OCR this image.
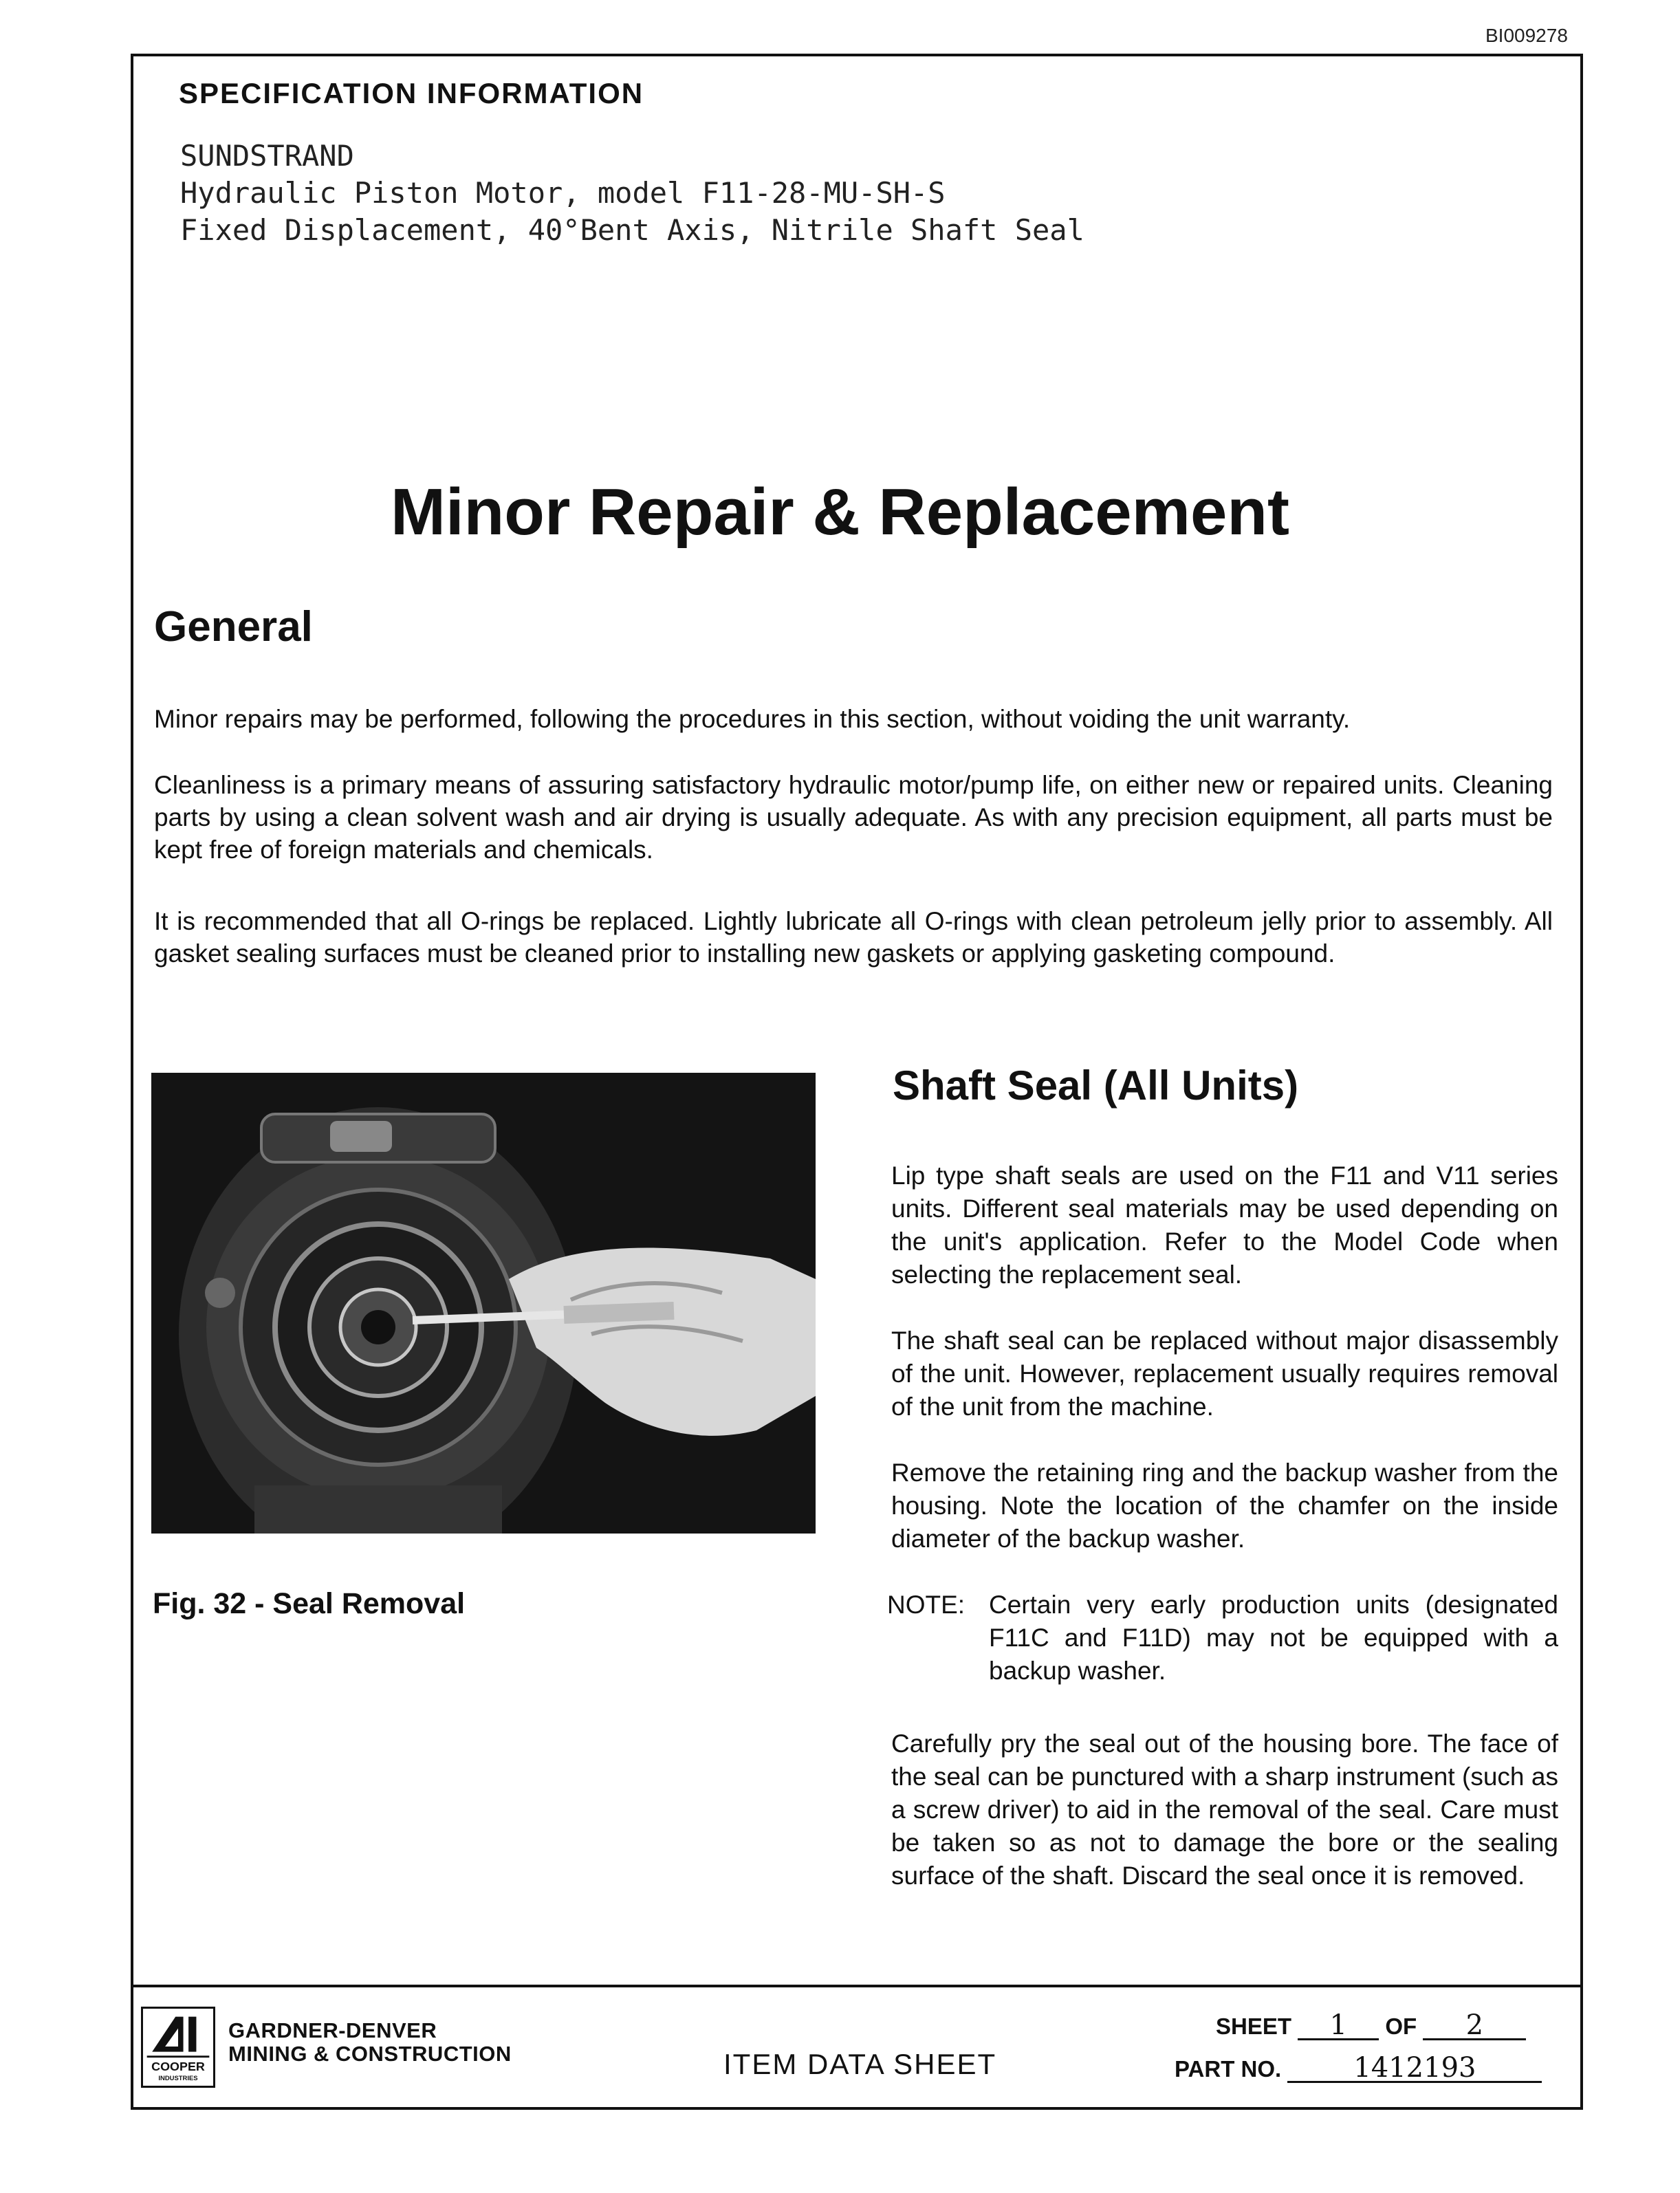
BI009278
SPECIFICATION INFORMATION
SUNDSTRAND
Hydraulic Piston Motor, model F11-28-MU-SH-S
Fixed Displacement, 40°Bent Axis, Nitrile Shaft Seal
Minor Repair & Replacement
General
Minor repairs may be performed, following the procedures in this section, without voiding the unit warranty.
Cleanliness is a primary means of assuring satisfactory hydraulic motor/pump life, on either new or repaired units. Cleaning parts by using a clean solvent wash and air drying is usually adequate. As with any precision equipment, all parts must be kept free of foreign materials and chemicals.
It is recommended that all O-rings be replaced. Lightly lubricate all O-rings with clean petroleum jelly prior to assembly. All gasket sealing surfaces must be cleaned prior to installing new gaskets or applying gasketing compound.
Fig. 32 - Seal Removal
Shaft Seal (All Units)
Lip type shaft seals are used on the F11 and V11 series units. Different seal materials may be used depending on the unit's application. Refer to the Model Code when selecting the replacement seal.
The shaft seal can be replaced without major disassembly of the unit. However, replacement usually requires removal of the unit from the machine.
Remove the retaining ring and the backup washer from the housing. Note the location of the chamfer on the inside diameter of the backup washer.
NOTE: Certain very early production units (designated F11C and F11D) may not be equipped with a backup washer.
Carefully pry the seal out of the housing bore. The face of the seal can be punctured with a sharp instrument (such as a screw driver) to aid in the removal of the seal. Care must be taken so as not to damage the bore or the sealing surface of the shaft. Discard the seal once it is removed.
COOPER
INDUSTRIES
GARDNER-DENVER
MINING & CONSTRUCTION	ITEM DATA SHEET
SHEET 1 OF 2
PART NO.	1412193
